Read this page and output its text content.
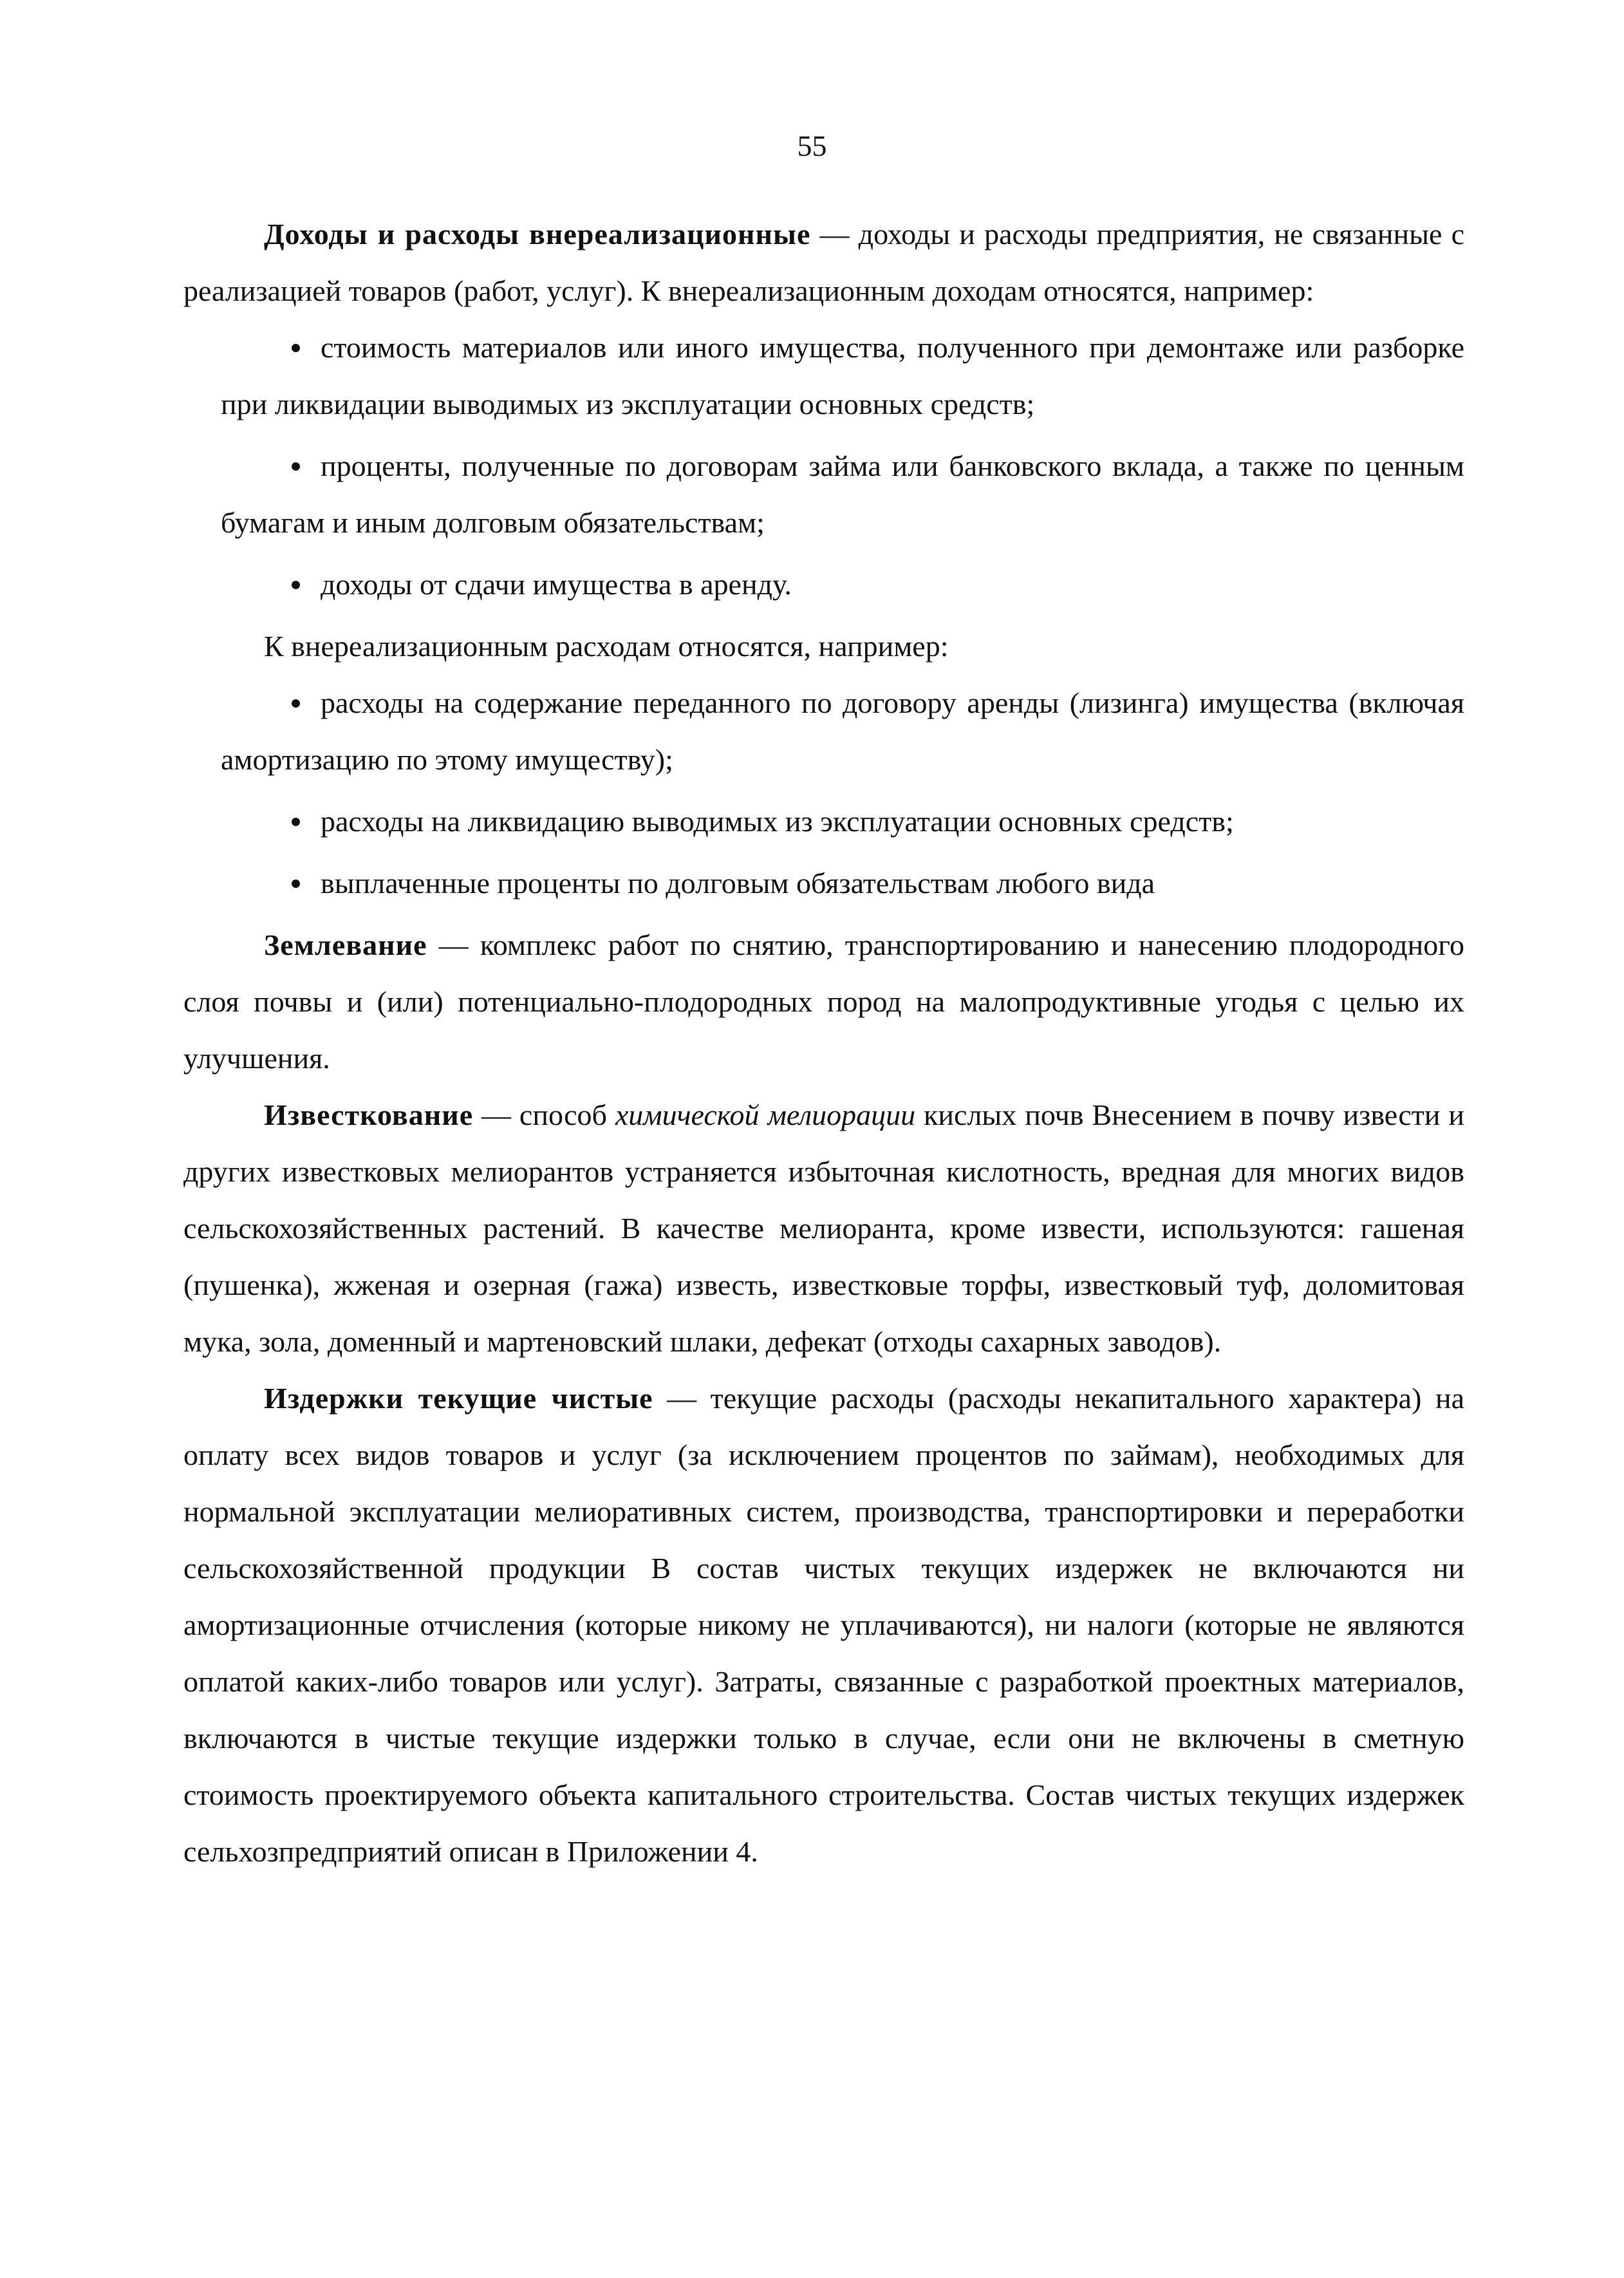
55

Доходы и расходы внереализационные — доходы и расходы предприятия, не связанные с реализацией товаров (работ, услуг). К внереализационным доходам относятся, например:

стоимость материалов или иного имущества, полученного при демонтаже или разборке при ликвидации выводимых из эксплуатации основных средств;
проценты, полученные по договорам займа или банковского вклада, а также по ценным бумагам и иным долговым обязательствам;
доходы от сдачи имущества в аренду.

К внереализационным расходам относятся, например:

расходы на содержание переданного по договору аренды (лизинга) имущества (включая амортизацию по этому имуществу);
расходы на ликвидацию выводимых из эксплуатации основных средств;
выплаченные проценты по долговым обязательствам любого вида

Землевание — комплекс работ по снятию, транспортированию и нанесению плодородного слоя почвы и (или) потенциально-плодородных пород на малопродуктивные угодья с целью их улучшения.

Известкование — способ химической мелиорации кислых почв Внесением в почву извести и других известковых мелиорантов устраняется избыточная кислотность, вредная для многих видов сельскохозяйственных растений. В качестве мелиоранта, кроме извести, используются: гашеная (пушенка), жженая и озерная (гажа) известь, известковые торфы, известковый туф, доломитовая мука, зола, доменный и мартеновский шлаки, дефекат (отходы сахарных заводов).

Издержки текущие чистые — текущие расходы (расходы некапитального характера) на оплату всех видов товаров и услуг (за исключением процентов по займам), необходимых для нормальной эксплуатации мелиоративных систем, производства, транспортировки и переработки сельскохозяйственной продукции В состав чистых текущих издержек не включаются ни амортизационные отчисления (которые никому не уплачиваются), ни налоги (которые не являются оплатой каких-либо товаров или услуг). Затраты, связанные с разработкой проектных материалов, включаются в чистые текущие издержки только в случае, если они не включены в сметную стоимость проектируемого объекта капитального строительства. Состав чистых текущих издержек сельхозпредприятий описан в Приложении 4.
